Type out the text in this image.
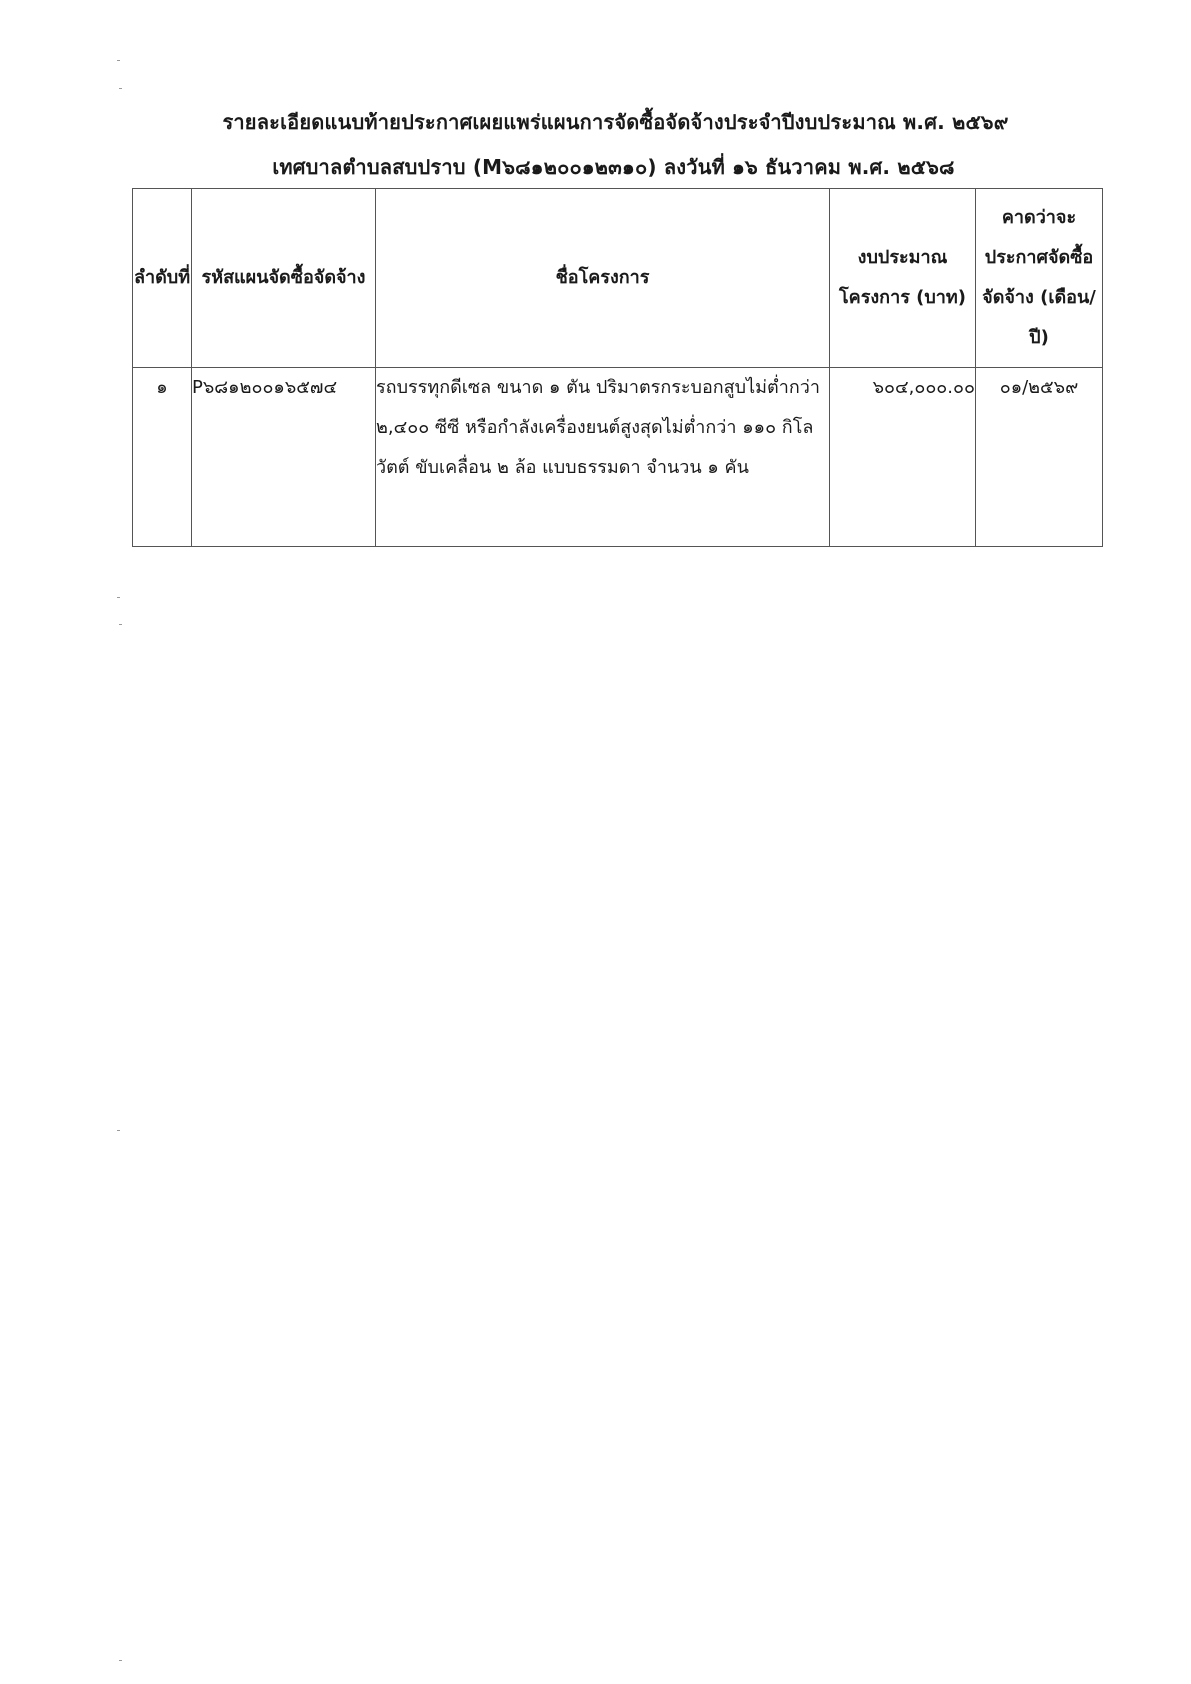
รายละเอียดแนบท้ายประกาศเผยแพร่แผนการจัดซื้อจัดจ้างประจำปีงบประมาณ พ.ศ. ๒๕๖๙
เทศบาลตำบลสบปราบ (M๖๘๑๒๐๐๑๒๓๑๐) ลงวันที่ ๑๖ ธันวาคม พ.ศ. ๒๕๖๘
ลำดับที่	รหัสแผนจัดซื้อจัดจ้าง	ชื่อโครงการ	งบประมาณโครงการ (บาท)	คาดว่าจะประกาศจัดซื้อจัดจ้าง (เดือน/ปี)
๑	P๖๘๑๒๐๐๑๖๕๗๔	รถบรรทุกดีเซล ขนาด ๑ ตัน ปริมาตรกระบอกสูบไม่ต่ำกว่า ๒,๔๐๐ ซีซี หรือกำลังเครื่องยนต์สูงสุดไม่ต่ำกว่า ๑๑๐ กิโลวัตต์ ขับเคลื่อน ๒ ล้อ แบบธรรมดา จำนวน ๑ คัน	๖๐๔,๐๐๐.๐๐	๐๑/๒๕๖๙
